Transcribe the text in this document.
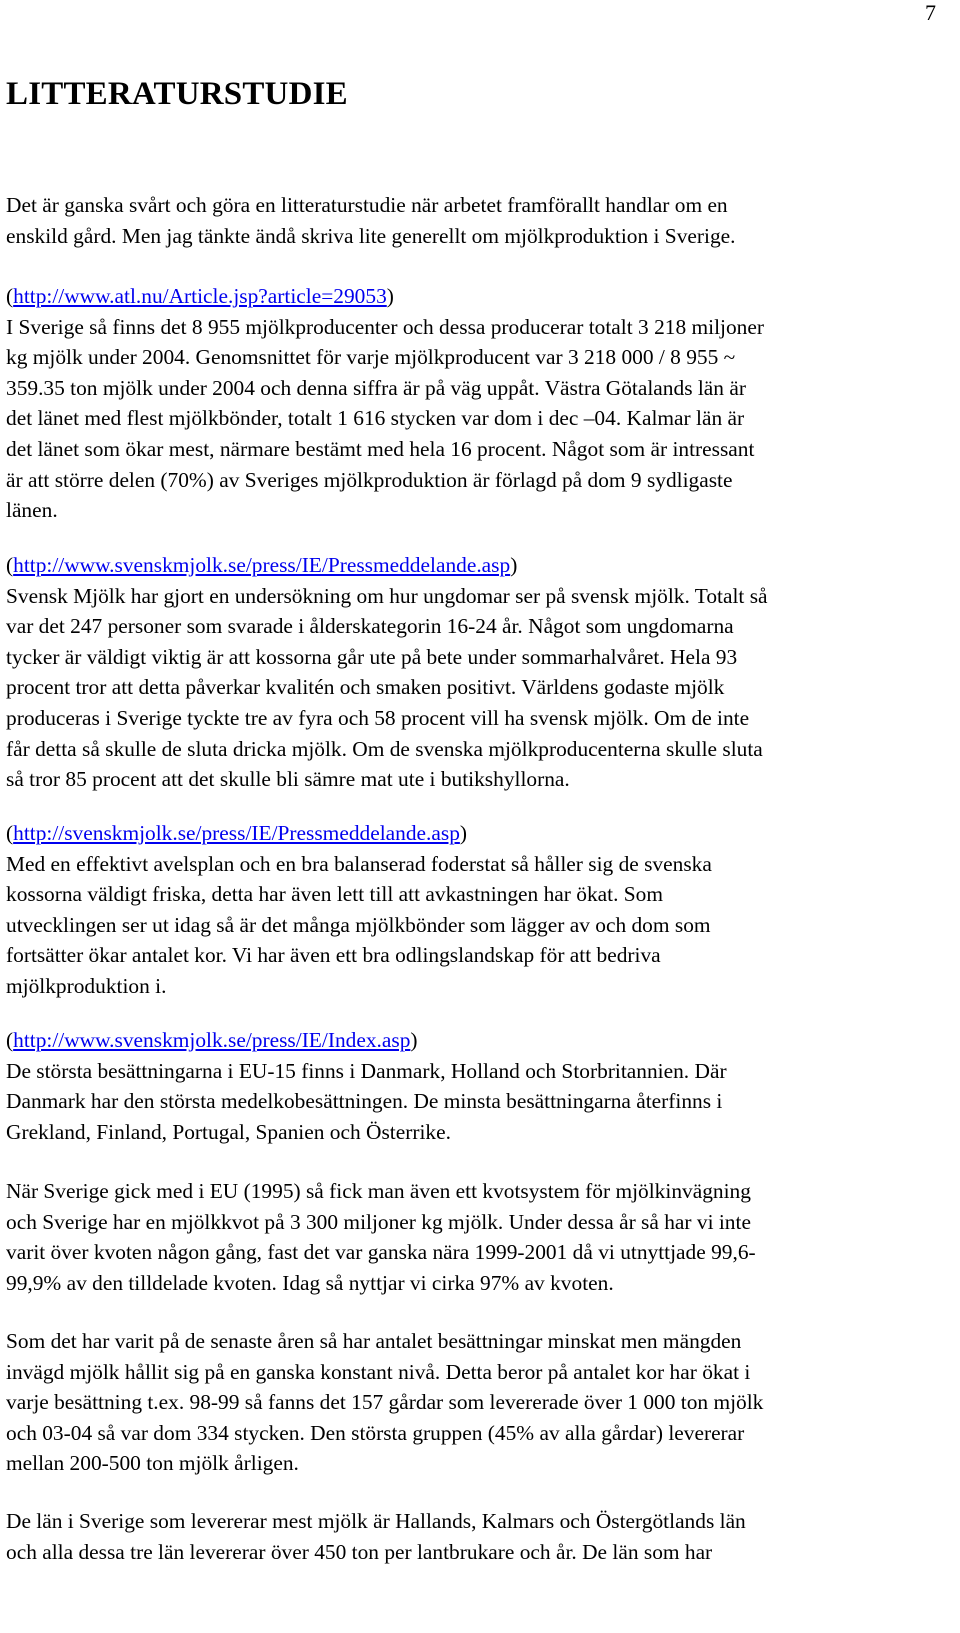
7
LITTERATURSTUDIE
Det är ganska svårt och göra en litteraturstudie när arbetet framförallt handlar om en
enskild gård. Men jag tänkte ändå skriva lite generellt om mjölkproduktion i Sverige.
(http://www.atl.nu/Article.jsp?article=29053)
I Sverige så finns det 8 955 mjölkproducenter och dessa producerar totalt 3 218 miljoner
kg mjölk under 2004. Genomsnittet för varje mjölkproducent var 3 218 000 / 8 955 ~
359.35 ton mjölk under 2004 och denna siffra är på väg uppåt. Västra Götalands län är
det länet med flest mjölkbönder, totalt 1 616 stycken var dom i dec –04. Kalmar län är
det länet som ökar mest, närmare bestämt med hela 16 procent. Något som är intressant
är att större delen (70%) av Sveriges mjölkproduktion är förlagd på dom 9 sydligaste
länen.
(http://www.svenskmjolk.se/press/IE/Pressmeddelande.asp)
Svensk Mjölk har gjort en undersökning om hur ungdomar ser på svensk mjölk. Totalt så
var det 247 personer som svarade i ålderskategorin 16-24 år. Något som ungdomarna
tycker är väldigt viktig är att kossorna går ute på bete under sommarhalvåret. Hela 93
procent tror att detta påverkar kvalitén och smaken positivt. Världens godaste mjölk
produceras i Sverige tyckte tre av fyra och 58 procent vill ha svensk mjölk. Om de inte
får detta så skulle de sluta dricka mjölk. Om de svenska mjölkproducenterna skulle sluta
så tror 85 procent att det skulle bli sämre mat ute i butikshyllorna.
(http://svenskmjolk.se/press/IE/Pressmeddelande.asp)
Med en effektivt avelsplan och en bra balanserad foderstat så håller sig de svenska
kossorna väldigt friska, detta har även lett till att avkastningen har ökat. Som
utvecklingen ser ut idag så är det många mjölkbönder som lägger av och dom som
fortsätter ökar antalet kor. Vi har även ett bra odlingslandskap för att bedriva
mjölkproduktion i.
(http://www.svenskmjolk.se/press/IE/Index.asp)
De största besättningarna i EU-15 finns i Danmark, Holland och Storbritannien. Där
Danmark har den största medelkobesättningen. De minsta besättningarna återfinns i
Grekland, Finland, Portugal, Spanien och Österrike.
När Sverige gick med i EU (1995) så fick man även ett kvotsystem för mjölkinvägning
och Sverige har en mjölkkvot på 3 300 miljoner kg mjölk. Under dessa år så har vi inte
varit över kvoten någon gång, fast det var ganska nära 1999-2001 då vi utnyttjade 99,6-
99,9% av den tilldelade kvoten. Idag så nyttjar vi cirka 97% av kvoten.
Som det har varit på de senaste åren så har antalet besättningar minskat men mängden
invägd mjölk hållit sig på en ganska konstant nivå. Detta beror på antalet kor har ökat i
varje besättning t.ex. 98-99 så fanns det 157 gårdar som levererade över 1 000 ton mjölk
och 03-04 så var dom 334 stycken. Den största gruppen (45% av alla gårdar) levererar
mellan 200-500 ton mjölk årligen.
De län i Sverige som levererar mest mjölk är Hallands, Kalmars och Östergötlands län
och alla dessa tre län levererar över 450 ton per lantbrukare och år. De län som har
